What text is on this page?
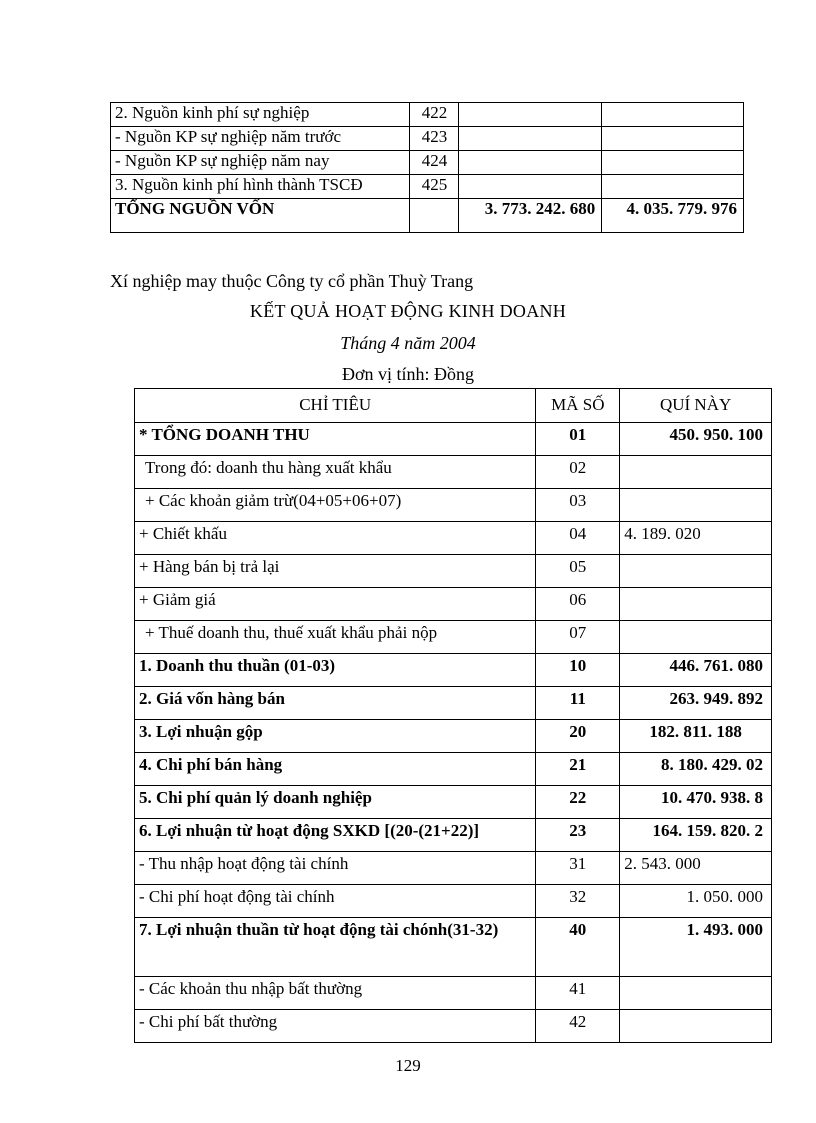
2. Nguồn kinh phí sự nghiệp	422		
- Nguồn KP sự nghiệp năm trước	423		
- Nguồn KP sự nghiệp năm nay	424		
3. Nguồn kinh phí hình thành TSCĐ	425		
TỔNG NGUỒN VỐN		3. 773. 242. 680	4. 035. 779. 976
Xí nghiệp may thuộc Công ty cổ phần Thuỳ Trang
KẾT QUẢ HOẠT ĐỘNG KINH DOANH
Tháng 4 năm 2004
Đơn vị tính: Đồng
CHỈ TIÊU	MÃ SỐ	QUÍ NÀY
* TỔNG DOANH THU	01	450. 950. 100
Trong đó: doanh thu hàng xuất khẩu	02	
+ Các khoản giảm trừ(04+05+06+07)	03	
+ Chiết khấu	04	4. 189. 020
+ Hàng bán bị trả lại	05	
+ Giảm giá	06	
+ Thuế doanh thu, thuế xuất khẩu phải nộp	07	
1. Doanh thu thuần (01-03)	10	446. 761. 080
2. Giá vốn hàng bán	11	263. 949. 892
3. Lợi nhuận gộp	20	182. 811. 188
4. Chi phí bán hàng	21	8. 180. 429. 02
5. Chi phí quản lý doanh nghiệp	22	10. 470. 938. 8
6. Lợi nhuận từ hoạt động SXKD [(20-(21+22)]	23	164. 159. 820. 2
- Thu nhập hoạt động tài chính	31	2. 543. 000
- Chi phí hoạt động tài chính	32	1. 050. 000
7. Lợi nhuận thuần từ hoạt động tài chónh(31-32)	40	1. 493. 000
- Các khoản thu nhập bất thường	41	
- Chi phí bất thường	42	
129
